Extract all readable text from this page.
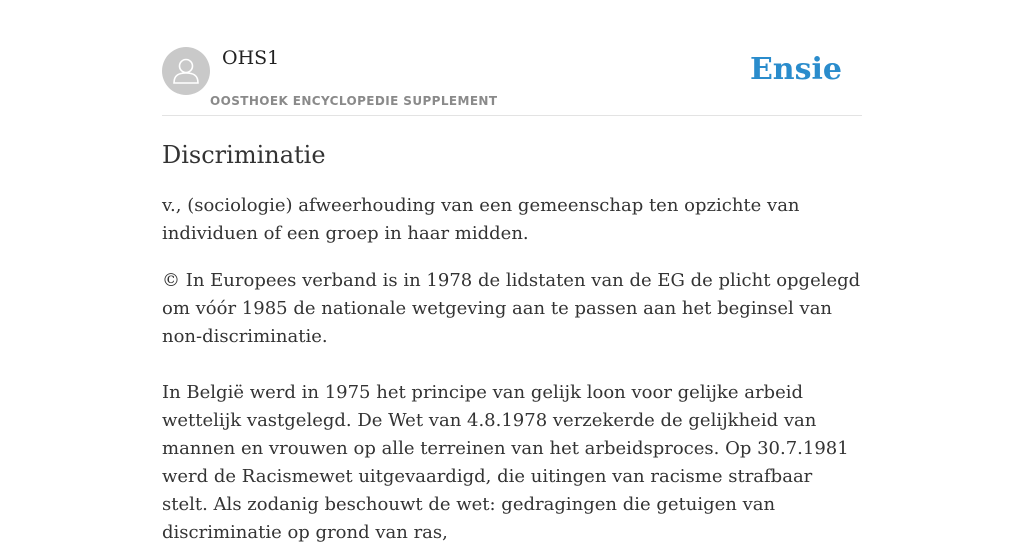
OHS1
OOSTHOEK ENCYCLOPEDIE SUPPLEMENT
Ensie
Discriminatie

v., (sociologie) afweerhouding van een gemeenschap ten opzichte van individuen of een groep in haar midden.

© In Europees verband is in 1978 de lidstaten van de EG de plicht opgelegd om vóór 1985 de nationale wetgeving aan te passen aan het beginsel van non-discriminatie.

In België werd in 1975 het principe van gelijk loon voor gelijke arbeid wettelijk vastgelegd. De Wet van 4.8.1978 verzekerde de gelijkheid van mannen en vrouwen op alle terreinen van het arbeidsproces. Op 30.7.1981 werd de Racismewet uitgevaardigd, die uitingen van racisme strafbaar stelt. Als zodanig beschouwt de wet: gedragingen die getuigen van discriminatie op grond van ras,
